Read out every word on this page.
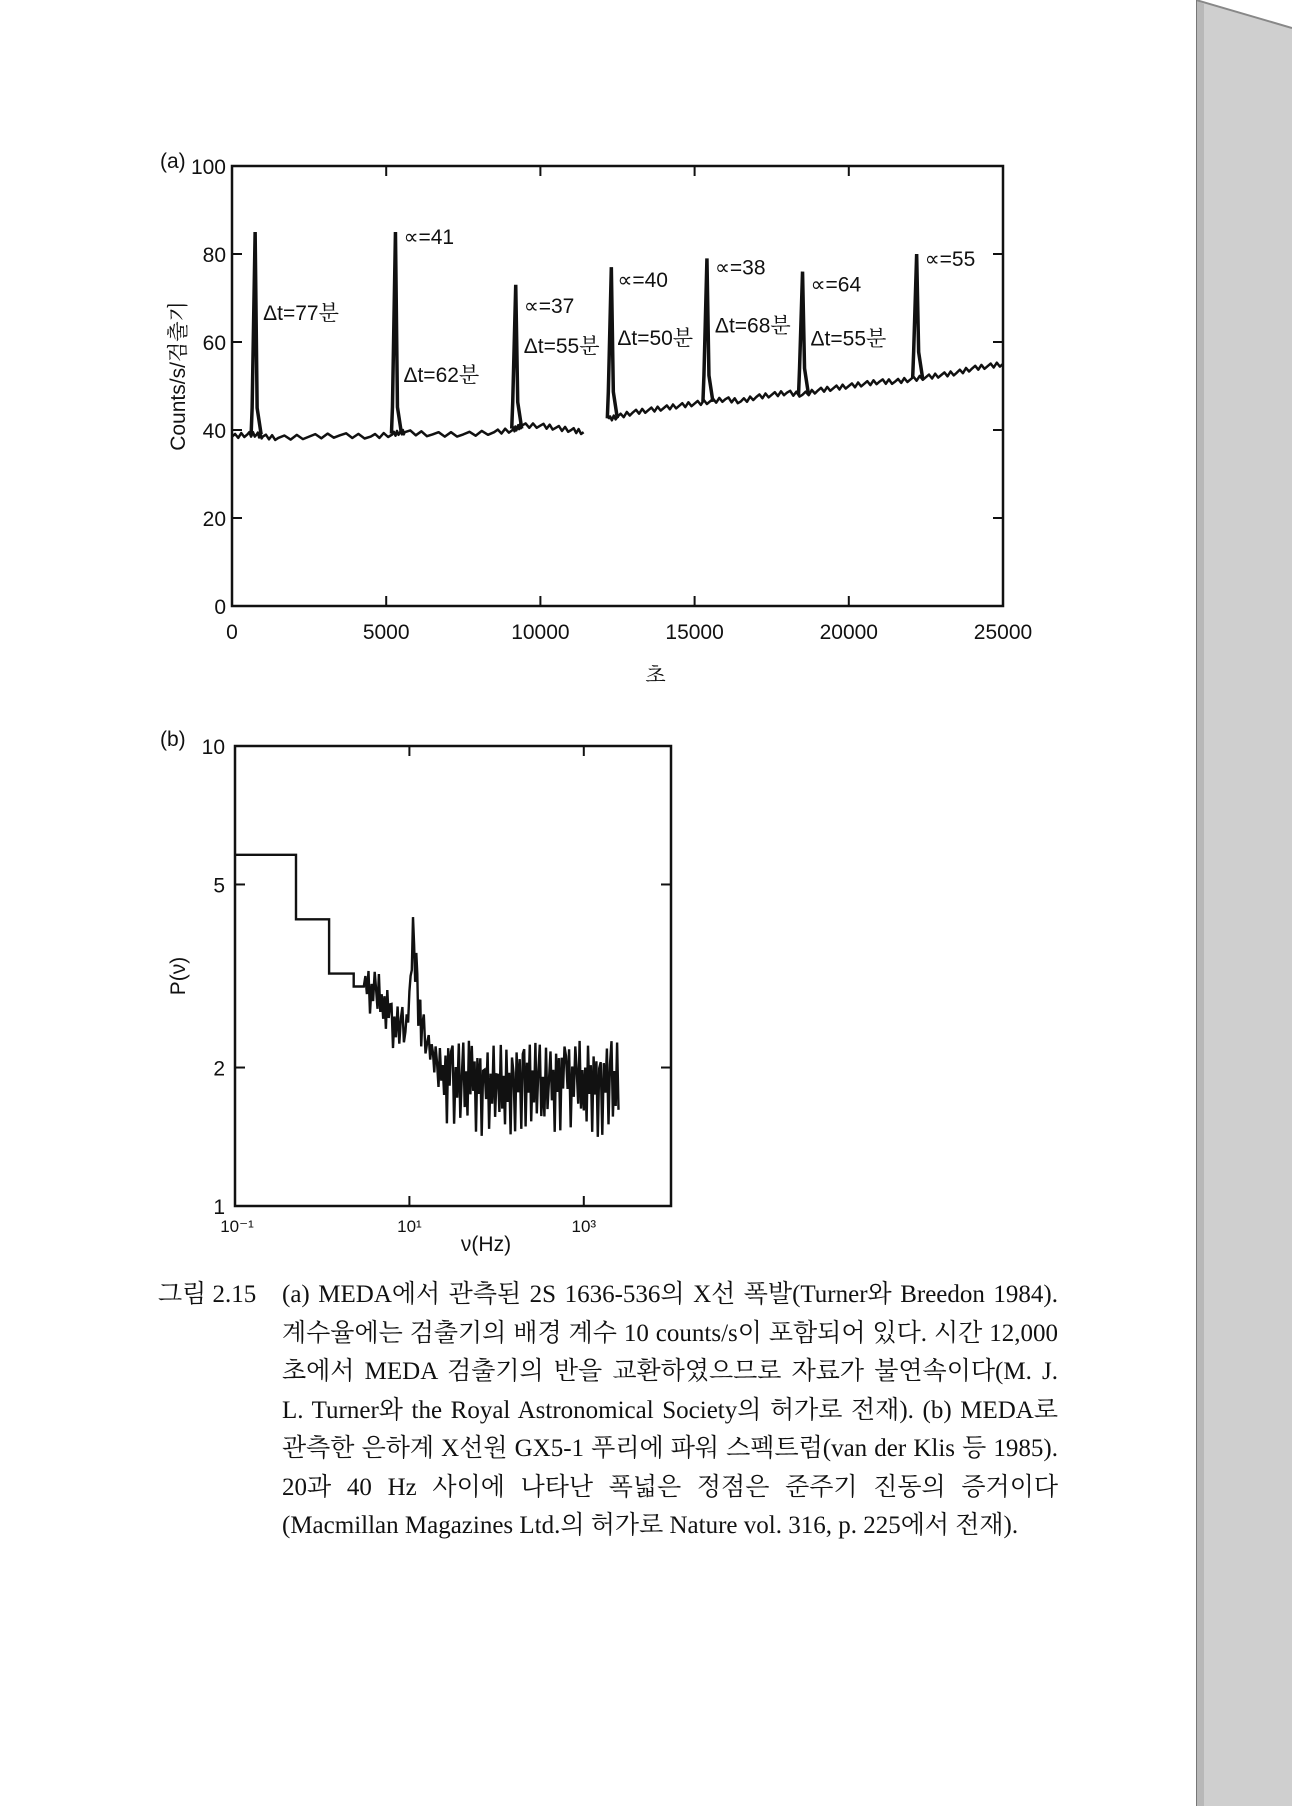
(a)
0	5000	10000	15000	20000	25000
0
20
40
60
80
100
초
Counts/s/검출기	Δt=77분
∝=41
Δt=62분
∝=37
Δt=55분
∝=40
Δt=50분
∝=38
Δt=68분
∝=64
Δt=55분
∝=55
(b)
10⁻¹	10¹	10³
1
2
5
10
ν(Hz)
P(ν)
그림 2.15	(a) MEDA에서 관측된 2S 1636-536의 X선 폭발(Turner와 Breedon 1984). 계수율에는 검출기의 배경 계수 10 counts/s이 포함되어 있다. 시간 12,000초에서 MEDA 검출기의 반을 교환하였으므로 자료가 불연속이다(M. J. L. Turner와 the Royal Astronomical Society의 허가로 전재). (b) MEDA로 관측한 은하계 X선원 GX5-1 푸리에 파워 스펙트럼(van der Klis 등 1985). 20과 40 Hz 사이에 나타난 폭넓은 정점은 준주기 진동의 증거이다(Macmillan Magazines Ltd.의 허가로 Nature vol. 316, p. 225에서 전재).
